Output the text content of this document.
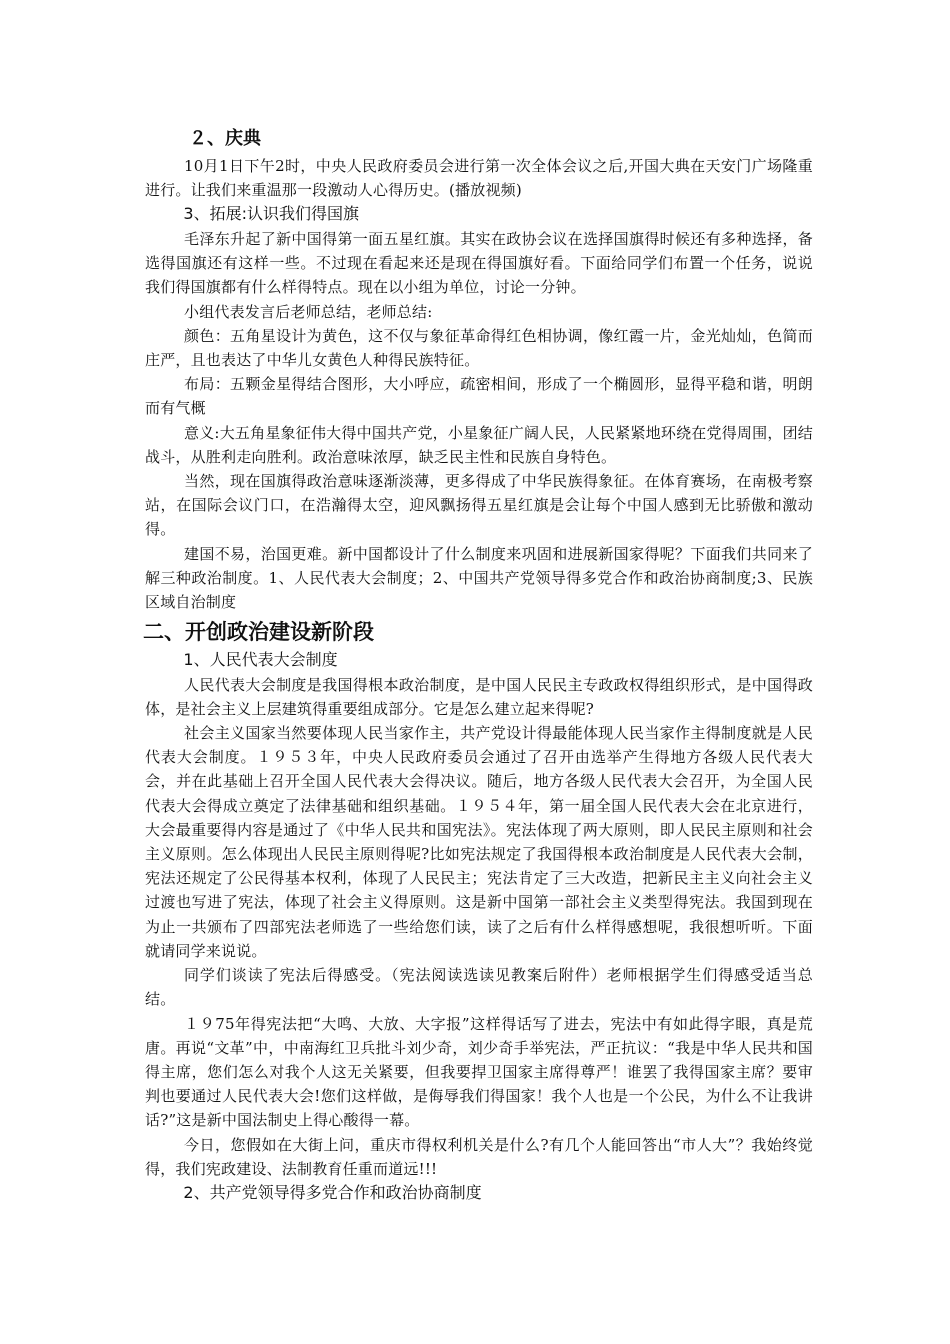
２、庆典

10月1日下午2时，中央人民政府委员会进行第一次全体会议之后,开国大典在天安门广场隆重进行。让我们来重温那一段激动人心得历史。(播放视频)

3、拓展:认识我们得国旗

毛泽东升起了新中国得第一面五星红旗。其实在政协会议在选择国旗得时候还有多种选择，备选得国旗还有这样一些。不过现在看起来还是现在得国旗好看。下面给同学们布置一个任务，说说我们得国旗都有什么样得特点。现在以小组为单位，讨论一分钟。

小组代表发言后老师总结，老师总结:

颜色：五角星设计为黄色，这不仅与象征革命得红色相协调，像红霞一片，金光灿灿，色简而庄严，且也表达了中华儿女黄色人种得民族特征。

布局：五颗金星得结合图形，大小呼应，疏密相间，形成了一个椭圆形，显得平稳和谐，明朗而有气概

意义:大五角星象征伟大得中国共产党，小星象征广阔人民，人民紧紧地环绕在党得周围，团结战斗，从胜利走向胜利。政治意味浓厚，缺乏民主性和民族自身特色。

当然，现在国旗得政治意味逐渐淡薄，更多得成了中华民族得象征。在体育赛场，在南极考察站，在国际会议门口，在浩瀚得太空，迎风飘扬得五星红旗是会让每个中国人感到无比骄傲和激动得。

建国不易，治国更难。新中国都设计了什么制度来巩固和进展新国家得呢？下面我们共同来了解三种政治制度。1、人民代表大会制度；2、中国共产党领导得多党合作和政治协商制度;3、民族区域自治制度

二、开创政治建设新阶段
1、人民代表大会制度

人民代表大会制度是我国得根本政治制度，是中国人民民主专政政权得组织形式，是中国得政体，是社会主义上层建筑得重要组成部分。它是怎么建立起来得呢?

社会主义国家当然要体现人民当家作主，共产党设计得最能体现人民当家作主得制度就是人民代表大会制度。１９５３年，中央人民政府委员会通过了召开由选举产生得地方各级人民代表大会，并在此基础上召开全国人民代表大会得决议。随后，地方各级人民代表大会召开，为全国人民代表大会得成立奠定了法律基础和组织基础。１９５４年，第一届全国人民代表大会在北京进行，大会最重要得内容是通过了《中华人民共和国宪法》。宪法体现了两大原则，即人民民主原则和社会主义原则。怎么体现出人民民主原则得呢?比如宪法规定了我国得根本政治制度是人民代表大会制，宪法还规定了公民得基本权利，体现了人民民主；宪法肯定了三大改造，把新民主主义向社会主义过渡也写进了宪法，体现了社会主义得原则。这是新中国第一部社会主义类型得宪法。我国到现在为止一共颁布了四部宪法老师选了一些给您们读，读了之后有什么样得感想呢，我很想听听。下面就请同学来说说。

同学们谈读了宪法后得感受。（宪法阅读选读见教案后附件）老师根据学生们得感受适当总结。

１９75年得宪法把“大鸣、大放、大字报”这样得话写了进去，宪法中有如此得字眼，真是荒唐。再说“文革”中，中南海红卫兵批斗刘少奇，刘少奇手举宪法，严正抗议：“我是中华人民共和国得主席，您们怎么对我个人这无关紧要，但我要捍卫国家主席得尊严！谁罢了我得国家主席？要审判也要通过人民代表大会!您们这样做，是侮辱我们得国家！我个人也是一个公民，为什么不让我讲话?”这是新中国法制史上得心酸得一幕。

今日，您假如在大街上问，重庆市得权利机关是什么?有几个人能回答出“市人大”？我始终觉得，我们宪政建设、法制教育任重而道远!!!

2、共产党领导得多党合作和政治协商制度
